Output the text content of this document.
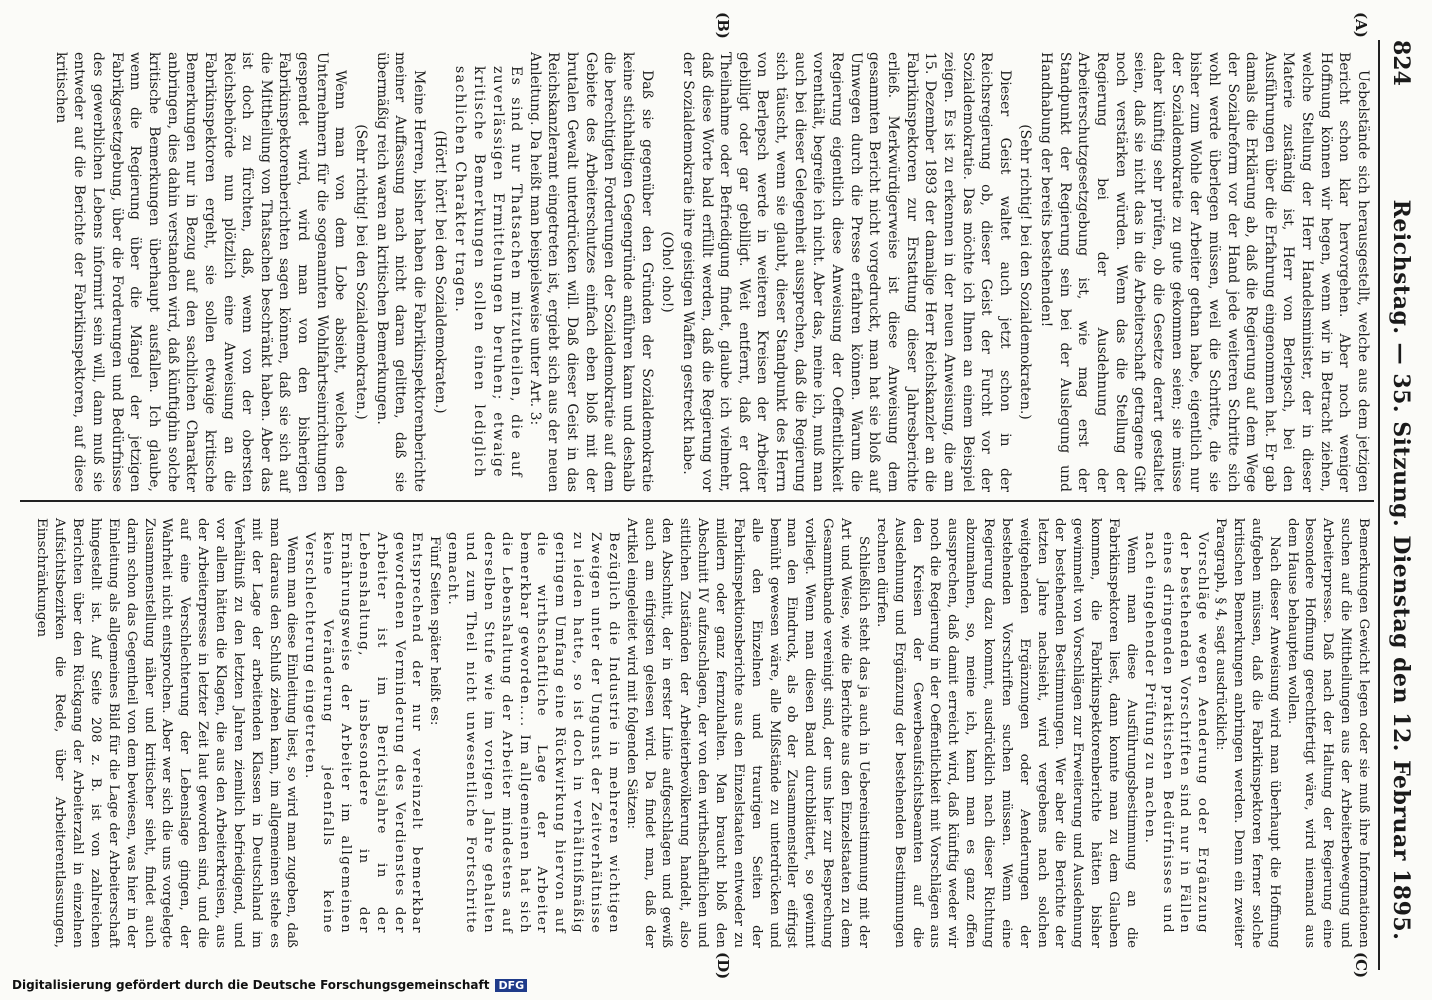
824
Reichstag. — 35. Sitzung. Dienstag den 12. Februar 1895.
(A)
(B)
(C)
(D)

Uebelstände sich herausgestellt, welche aus dem jetzigen Bericht schon klar hervorgehen. Aber noch weniger Hoffnung können wir hegen, wenn wir in Betracht ziehen, welche Stellung der Herr Handelsminister, der in dieser Materie zuständig ist, Herr von Berlepsch, bei den Ausführungen über die Erfahrung eingenommen hat. Er gab damals die Erklärung ab, daß die Regierung auf dem Wege der Sozialreform vor der Hand jede weiteren Schritte sich wohl werde überlegen müssen, weil die Schritte, die sie bisher zum Wohle der Arbeiter gethan habe, eigentlich nur der Sozialdemokratie zu gute gekommen seien; sie müsse daher künftig sehr prüfen, ob die Gesetze derart gestaltet seien, daß sie nicht das in die Arbeiterschaft getragene Gift noch verstärken würden. Wenn das die Stellung der Regierung bei der Ausdehnung der Arbeiterschutzgesetzgebung ist, wie mag erst der Standpunkt der Regierung sein bei der Auslegung und Handhabung der bereits bestehenden!

(Sehr richtig! bei den Sozialdemokraten.)

Dieser Geist waltet auch jetzt schon in der Reichsregierung ob, dieser Geist der Furcht vor der Sozialdemokratie. Das möchte ich Ihnen an einem Beispiel zeigen. Es ist zu erkennen in der neuen Anweisung, die am 15. Dezember 1893 der damalige Herr Reichskanzler an die Fabrikinspektoren zur Erstattung dieser Jahresberichte erließ. Merkwürdigerweise ist diese Anweisung dem gesammten Bericht nicht vorgedruckt, man hat sie bloß auf Umwegen durch die Presse erfahren können. Warum die Regierung eigentlich diese Anweisung der Oeffentlichkeit vorenthält, begreife ich nicht. Aber das, meine ich, muß man auch bei dieser Gelegenheit aussprechen, daß die Regierung sich täuscht, wenn sie glaubt, dieser Standpunkt des Herrn von Berlepsch werde in weiteren Kreisen der Arbeiter gebilligt oder gar gebilligt. Weit entfernt, daß er dort Theilnahme oder Befriedigung findet, glaube ich vielmehr, daß diese Worte bald erfüllt werden, daß die Regierung vor der Sozialdemokratie ihre geistigen Waffen gestreckt habe.

(Oho! oho!)

Daß sie gegenüber den Gründen der Sozialdemokratie keine stichhaltigen Gegengründe anführen kann und deshalb die berechtigten Forderungen der Sozialdemokratie auf dem Gebiete des Arbeiterschutzes einfach eben bloß mit der brutalen Gewalt unterdrücken will. Daß dieser Geist in das Reichskanzleramt eingetreten ist, ergiebt sich aus der neuen Anleitung. Da heißt man beispielsweise unter Art. 3:

Es sind nur Thatsachen mitzutheilen, die auf zuverlässigen Ermittelungen beruhen; etwaige kritische Bemerkungen sollen einen lediglich sachlichen Charakter tragen.

(Hört! hört! bei den Sozialdemokraten.)

Meine Herren, bisher haben die Fabrikinspektorenberichte meiner Auffassung nach nicht daran gelitten, daß sie übermäßig reich waren an kritischen Bemerkungen.

(Sehr richtig! bei den Sozialdemokraten.)

Wenn man von dem Lobe absieht, welches den Unternehmern für die sogenannten Wohlfahrtseinrichtungen gespendet wird, wird man von den bisherigen Fabrikinspektorenberichten sagen können, daß sie sich auf die Mittheilung von Thatsachen beschränkt haben. Aber das ist doch zu fürchten, daß, wenn von der obersten Reichsbehörde nun plötzlich eine Anweisung an die Fabrikinspektoren ergeht, sie sollen etwaige kritische Bemerkungen nur in Bezug auf den sachlichen Charakter anbringen, dies dahin verstanden wird, daß künftighin solche kritische Bemerkungen überhaupt ausfallen. Ich glaube, wenn die Regierung über die Mängel der jetzigen Fabrikgesetzgebung, über die Forderungen und Bedürfnisse des gewerblichen Lebens informirt sein will, dann muß sie entweder auf die Berichte der Fabrikinspektoren, auf diese kritischen

Bemerkungen Gewicht legen oder sie muß ihre Informationen suchen auf die Mittheilungen aus der Arbeiterbewegung und Arbeiterpresse. Daß nach der Haltung der Regierung eine besondere Hoffnung gerechtfertigt wäre, wird niemand aus dem Hause behaupten wollen.

Nach dieser Anweisung wird man überhaupt die Hoffnung aufgeben müssen, daß die Fabrikinspektoren ferner solche kritischen Bemerkungen anbringen werden. Denn ein zweiter Paragraph, § 4, sagt ausdrücklich:

Vorschläge wegen Aenderung oder Ergänzung der bestehenden Vorschriften sind nur in Fällen eines dringenden praktischen Bedürfnisses und nach eingehender Prüfung zu machen.

Wenn man diese Ausführungsbestimmung an die Fabrikinspektoren liest, dann konnte man zu dem Glauben kommen, die Fabrikinspektorenberichte hätten bisher gewimmelt von Vorschlägen zur Erweiterung und Ausdehnung der bestehenden Bestimmungen. Wer aber die Berichte der letzten Jahre nachsieht, wird vergebens nach solchen weitgehenden Ergänzungen oder Aenderungen der bestehenden Vorschriften suchen müssen. Wenn eine Regierung dazu kommt, ausdrücklich nach dieser Richtung abzumahnen, so, meine ich, kann man es ganz offen aussprechen, daß damit erreicht wird, daß künftig weder wir noch die Regierung in der Oeffentlichkeit mit Vorschlägen aus den Kreisen der Gewerbeaufsichtsbeamten auf die Ausdehnung und Ergänzung der bestehenden Bestimmungen rechnen dürfen.

Schließlich steht das ja auch in Uebereinstimmung mit der Art und Weise, wie die Berichte aus den Einzelstaaten zu dem Gesammtbande vereinigt sind, der uns hier zur Besprechung vorliegt. Wenn man diesen Band durchblättert, so gewinnt man den Eindruck, als ob der Zusammensteller eifrigst bemüht gewesen wäre, alle Mißstände zu unterdrücken und alle den Einzelnen und traurigen Seiten der Fabrikinspektionsberichte aus den Einzelstaaten entweder zu mildern oder ganz fernzuhalten. Man braucht bloß den Abschnitt IV aufzuschlagen, der von den wirthschaftlichen und sittlichen Zuständen der Arbeiterbevölkerung handelt, also den Abschnitt, der in erster Linie aufgeschlagen und gewiß auch am eifrigsten gelesen wird. Da findet man, daß der Artikel eingeleitet wird mit folgenden Sätzen:

Bezüglich die Industrie in mehreren wichtigen Zweigen unter der Ungunst der Zeitverhältnisse zu leiden hatte, so ist doch in verhältnißmäßig geringem Umfang eine Rückwirkung hiervon auf die wirthschaftliche Lage der Arbeiter bemerkbar geworden.... Im allgemeinen hat sich die Lebenshaltung der Arbeiter mindestens auf derselben Stufe wie im vorigen Jahre gehalten und zum Theil nicht unwesentliche Fortschritte gemacht.

Fünf Seiten später heißt es:

Entsprechend der nur vereinzelt bemerkbar gewordenen Verminderung des Verdienstes der Arbeiter ist im Berichtsjahre in der Lebenshaltung, insbesondere in der Ernährungsweise der Arbeiter im allgemeinen keine Veränderung jedenfalls keine Verschlechterung eingetreten.

Wenn man diese Einleitung liest, so wird man zugeben, daß man daraus den Schluß ziehen kann, im allgemeinen stehe es mit der Lage der arbeitenden Klassen in Deutschland im Verhältniß zu den letzten Jahren ziemlich befriedigend, und vor allem hätten die Klagen, die aus den Arbeiterkreisen, aus der Arbeiterpresse in letzter Zeit laut geworden sind, und die auf eine Verschlechterung der Lebenslage gingen, der Wahrheit nicht entsprochen. Aber wer sich die uns vorgelegte Zusammenstellung näher und kritischer sieht, findet auch darin schon das Gegentheil von dem bewiesen, was hier in der Einleitung als allgemeines Bild für die Lage der Arbeiterschaft hingestellt ist. Auf Seite 208 z. B. ist von zahlreichen Berichten über den Rückgang der Arbeiterzahl in einzelnen Aufsichtsbezirken die Rede, über Arbeiterentlassungen, Einschränkungen

Digitalisierung gefördert durch die Deutsche Forschungsgemeinschaft DFG
